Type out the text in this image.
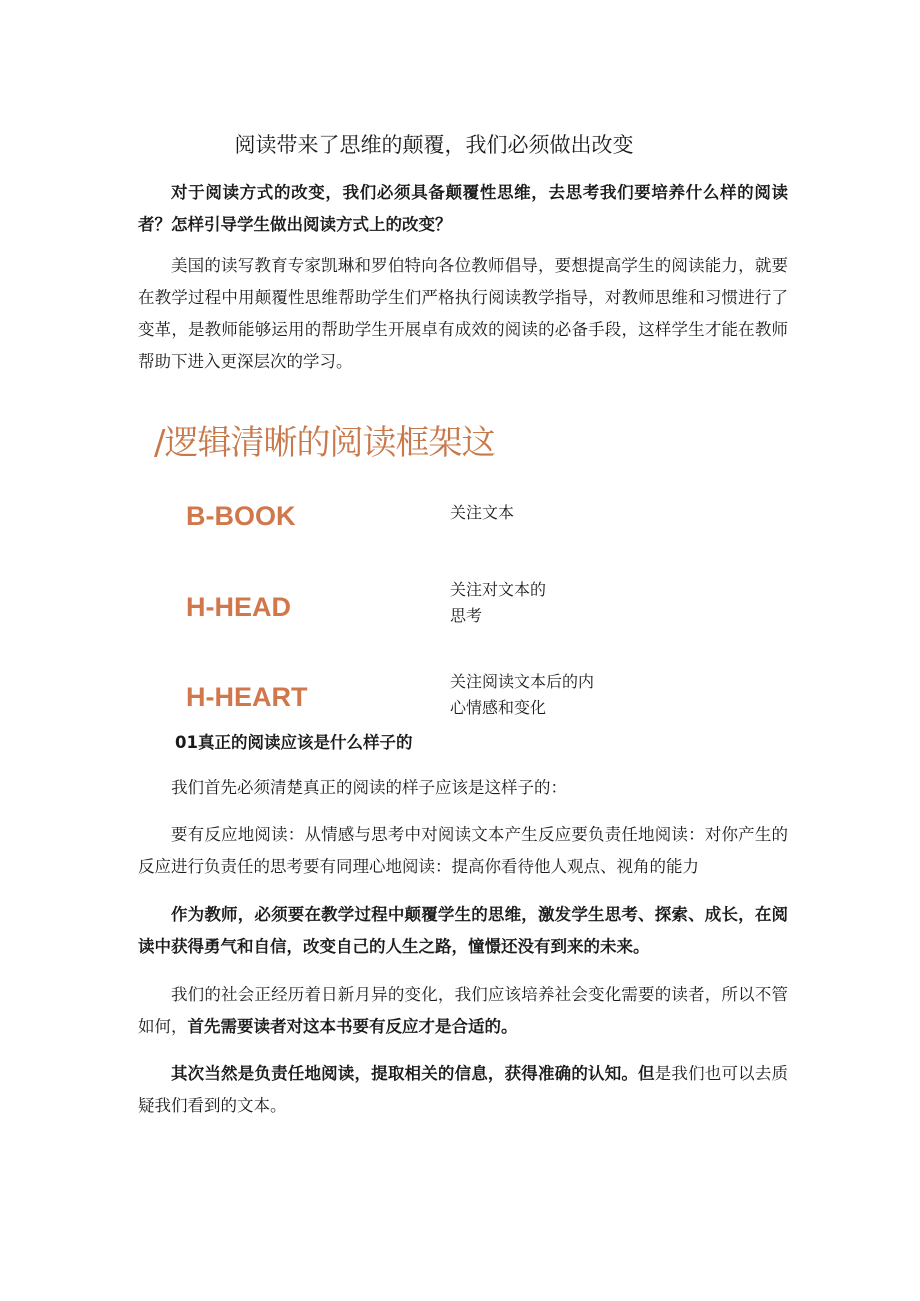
阅读带来了思维的颠覆，我们必须做出改变

对于阅读方式的改变，我们必须具备颠覆性思维，去思考我们要培养什么样的阅读者？怎样引导学生做出阅读方式上的改变？

美国的读写教育专家凯琳和罗伯特向各位教师倡导，要想提高学生的阅读能力，就要在教学过程中用颠覆性思维帮助学生们严格执行阅读教学指导，对教师思维和习惯进行了变革，是教师能够运用的帮助学生开展卓有成效的阅读的必备手段，这样学生才能在教师帮助下进入更深层次的学习。

/逻辑清晰的阅读框架这
B-BOOK	关注文本
H-HEAD
关注对文本的思考
H-HEART
关注阅读文本后的内心情感和变化
01真正的阅读应该是什么样子的

我们首先必须清楚真正的阅读的样子应该是这样子的：

要有反应地阅读：从情感与思考中对阅读文本产生反应要负责任地阅读：对你产生的反应进行负责任的思考要有同理心地阅读：提高你看待他人观点、视角的能力

作为教师，必须要在教学过程中颠覆学生的思维，激发学生思考、探索、成长，在阅读中获得勇气和自信，改变自己的人生之路，憧憬还没有到来的未来。

我们的社会正经历着日新月异的变化，我们应该培养社会变化需要的读者，所以不管如何，首先需要读者对这本书要有反应才是合适的。

其次当然是负责任地阅读，提取相关的信息，获得准确的认知。但是我们也可以去质疑我们看到的文本。
